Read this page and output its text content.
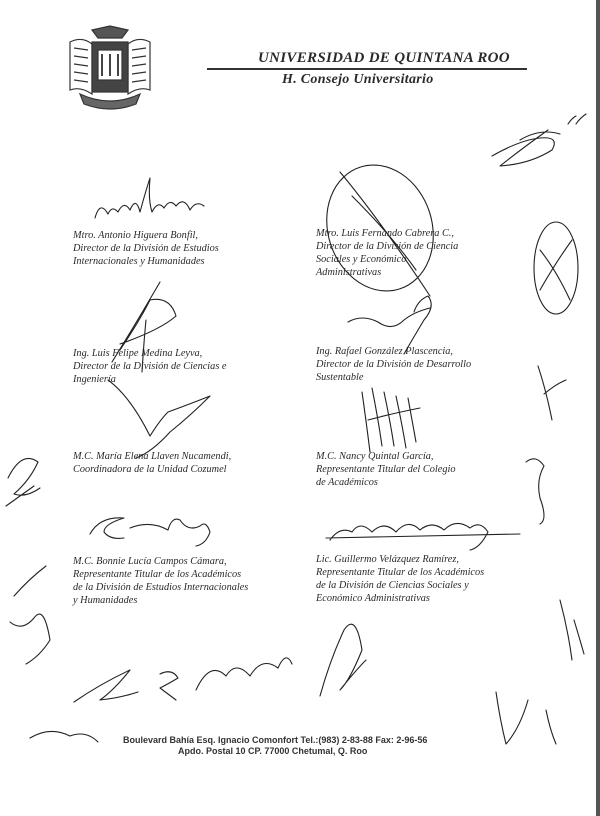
UNIVERSIDAD DE QUINTANA ROO
H. Consejo Universitario
Mtro. Antonio Higuera Bonfil,
Director de la División de Estudios
Internacionales y Humanidades
Mtro. Luis Fernando Cabrera C.,
Director de la División de Ciencia
Sociales y Económico
Administrativas
Ing. Luis Felipe Medina Leyva,
Director de la División de Ciencias e
Ingeniería
Ing. Rafael González Plascencia,
Director de la División de Desarrollo
Sustentable
M.C. María Elena Llaven Nucamendi,
Coordinadora de la Unidad Cozumel
M.C. Nancy Quintal García,
Representante Titular del Colegio
de Académicos
M.C. Bonnie Lucía Campos Cámara,
Representante Titular de los Académicos
de la División de Estudios Internacionales
y Humanidades
Lic. Guillermo Velázquez Ramírez,
Representante Titular de los Académicos
de la División de Ciencias Sociales y
Económico Administrativas
Boulevard Bahía Esq. Ignacio Comonfort Tel.:(983) 2-83-88 Fax: 2-96-56
Apdo. Postal 10 CP. 77000 Chetumal, Q. Roo
